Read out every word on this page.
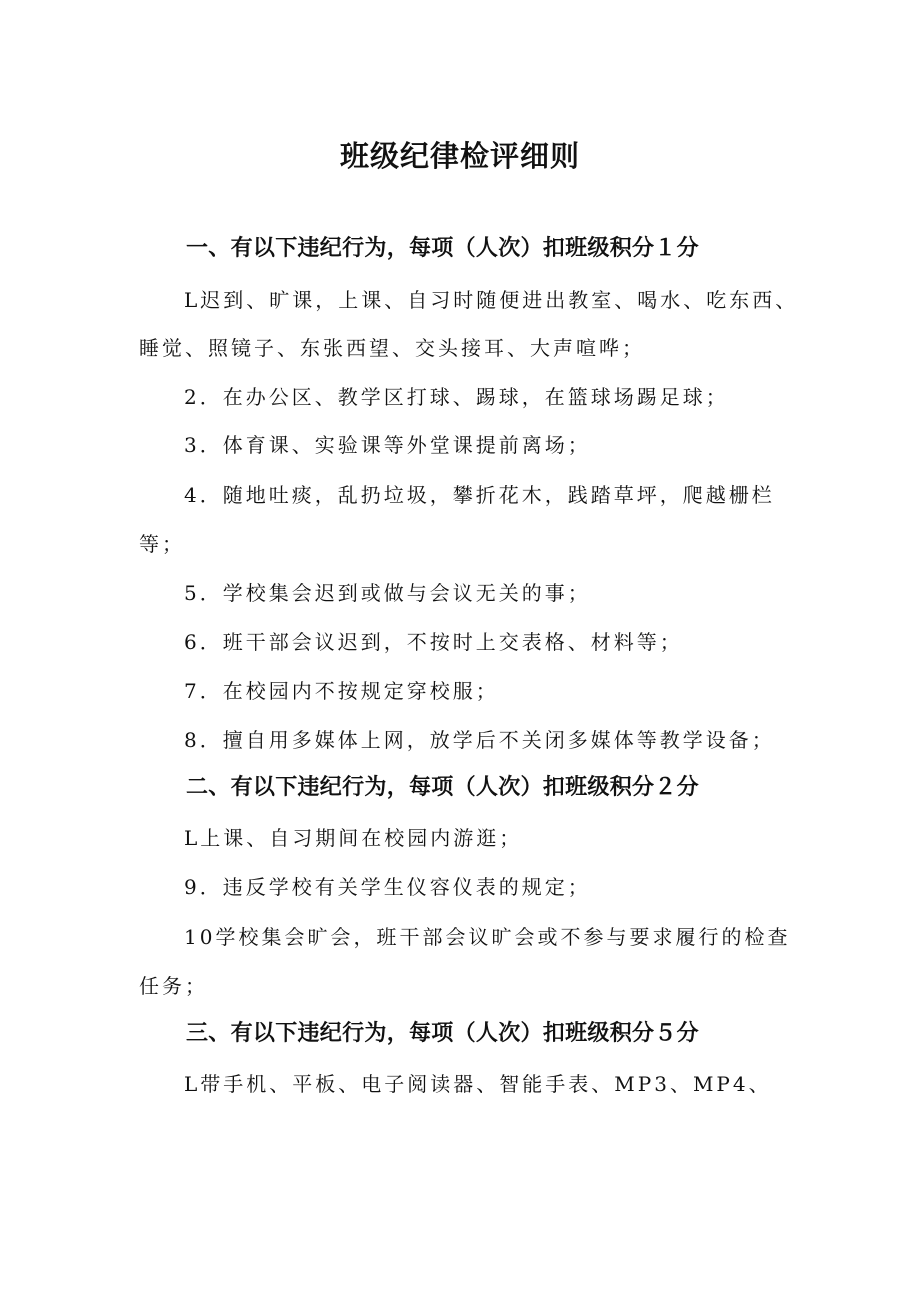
班级纪律检评细则

一、有以下违纪行为，每项（人次）扣班级积分１分

L迟到、旷课，上课、自习时随便进出教室、喝水、吃东西、

睡觉、照镜子、东张西望、交头接耳、大声喧哗；

2．在办公区、教学区打球、踢球，在篮球场踢足球；

3．体育课、实验课等外堂课提前离场；

4．随地吐痰，乱扔垃圾，攀折花木，践踏草坪，爬越栅栏

等；

5．学校集会迟到或做与会议无关的事；

6．班干部会议迟到，不按时上交表格、材料等；

7．在校园内不按规定穿校服；

8．擅自用多媒体上网，放学后不关闭多媒体等教学设备；

二、有以下违纪行为，每项（人次）扣班级积分２分

L上课、自习期间在校园内游逛；

9．违反学校有关学生仪容仪表的规定；

10学校集会旷会，班干部会议旷会或不参与要求履行的检查

任务；

三、有以下违纪行为，每项（人次）扣班级积分５分

L带手机、平板、电子阅读器、智能手表、MP3、MP4、
